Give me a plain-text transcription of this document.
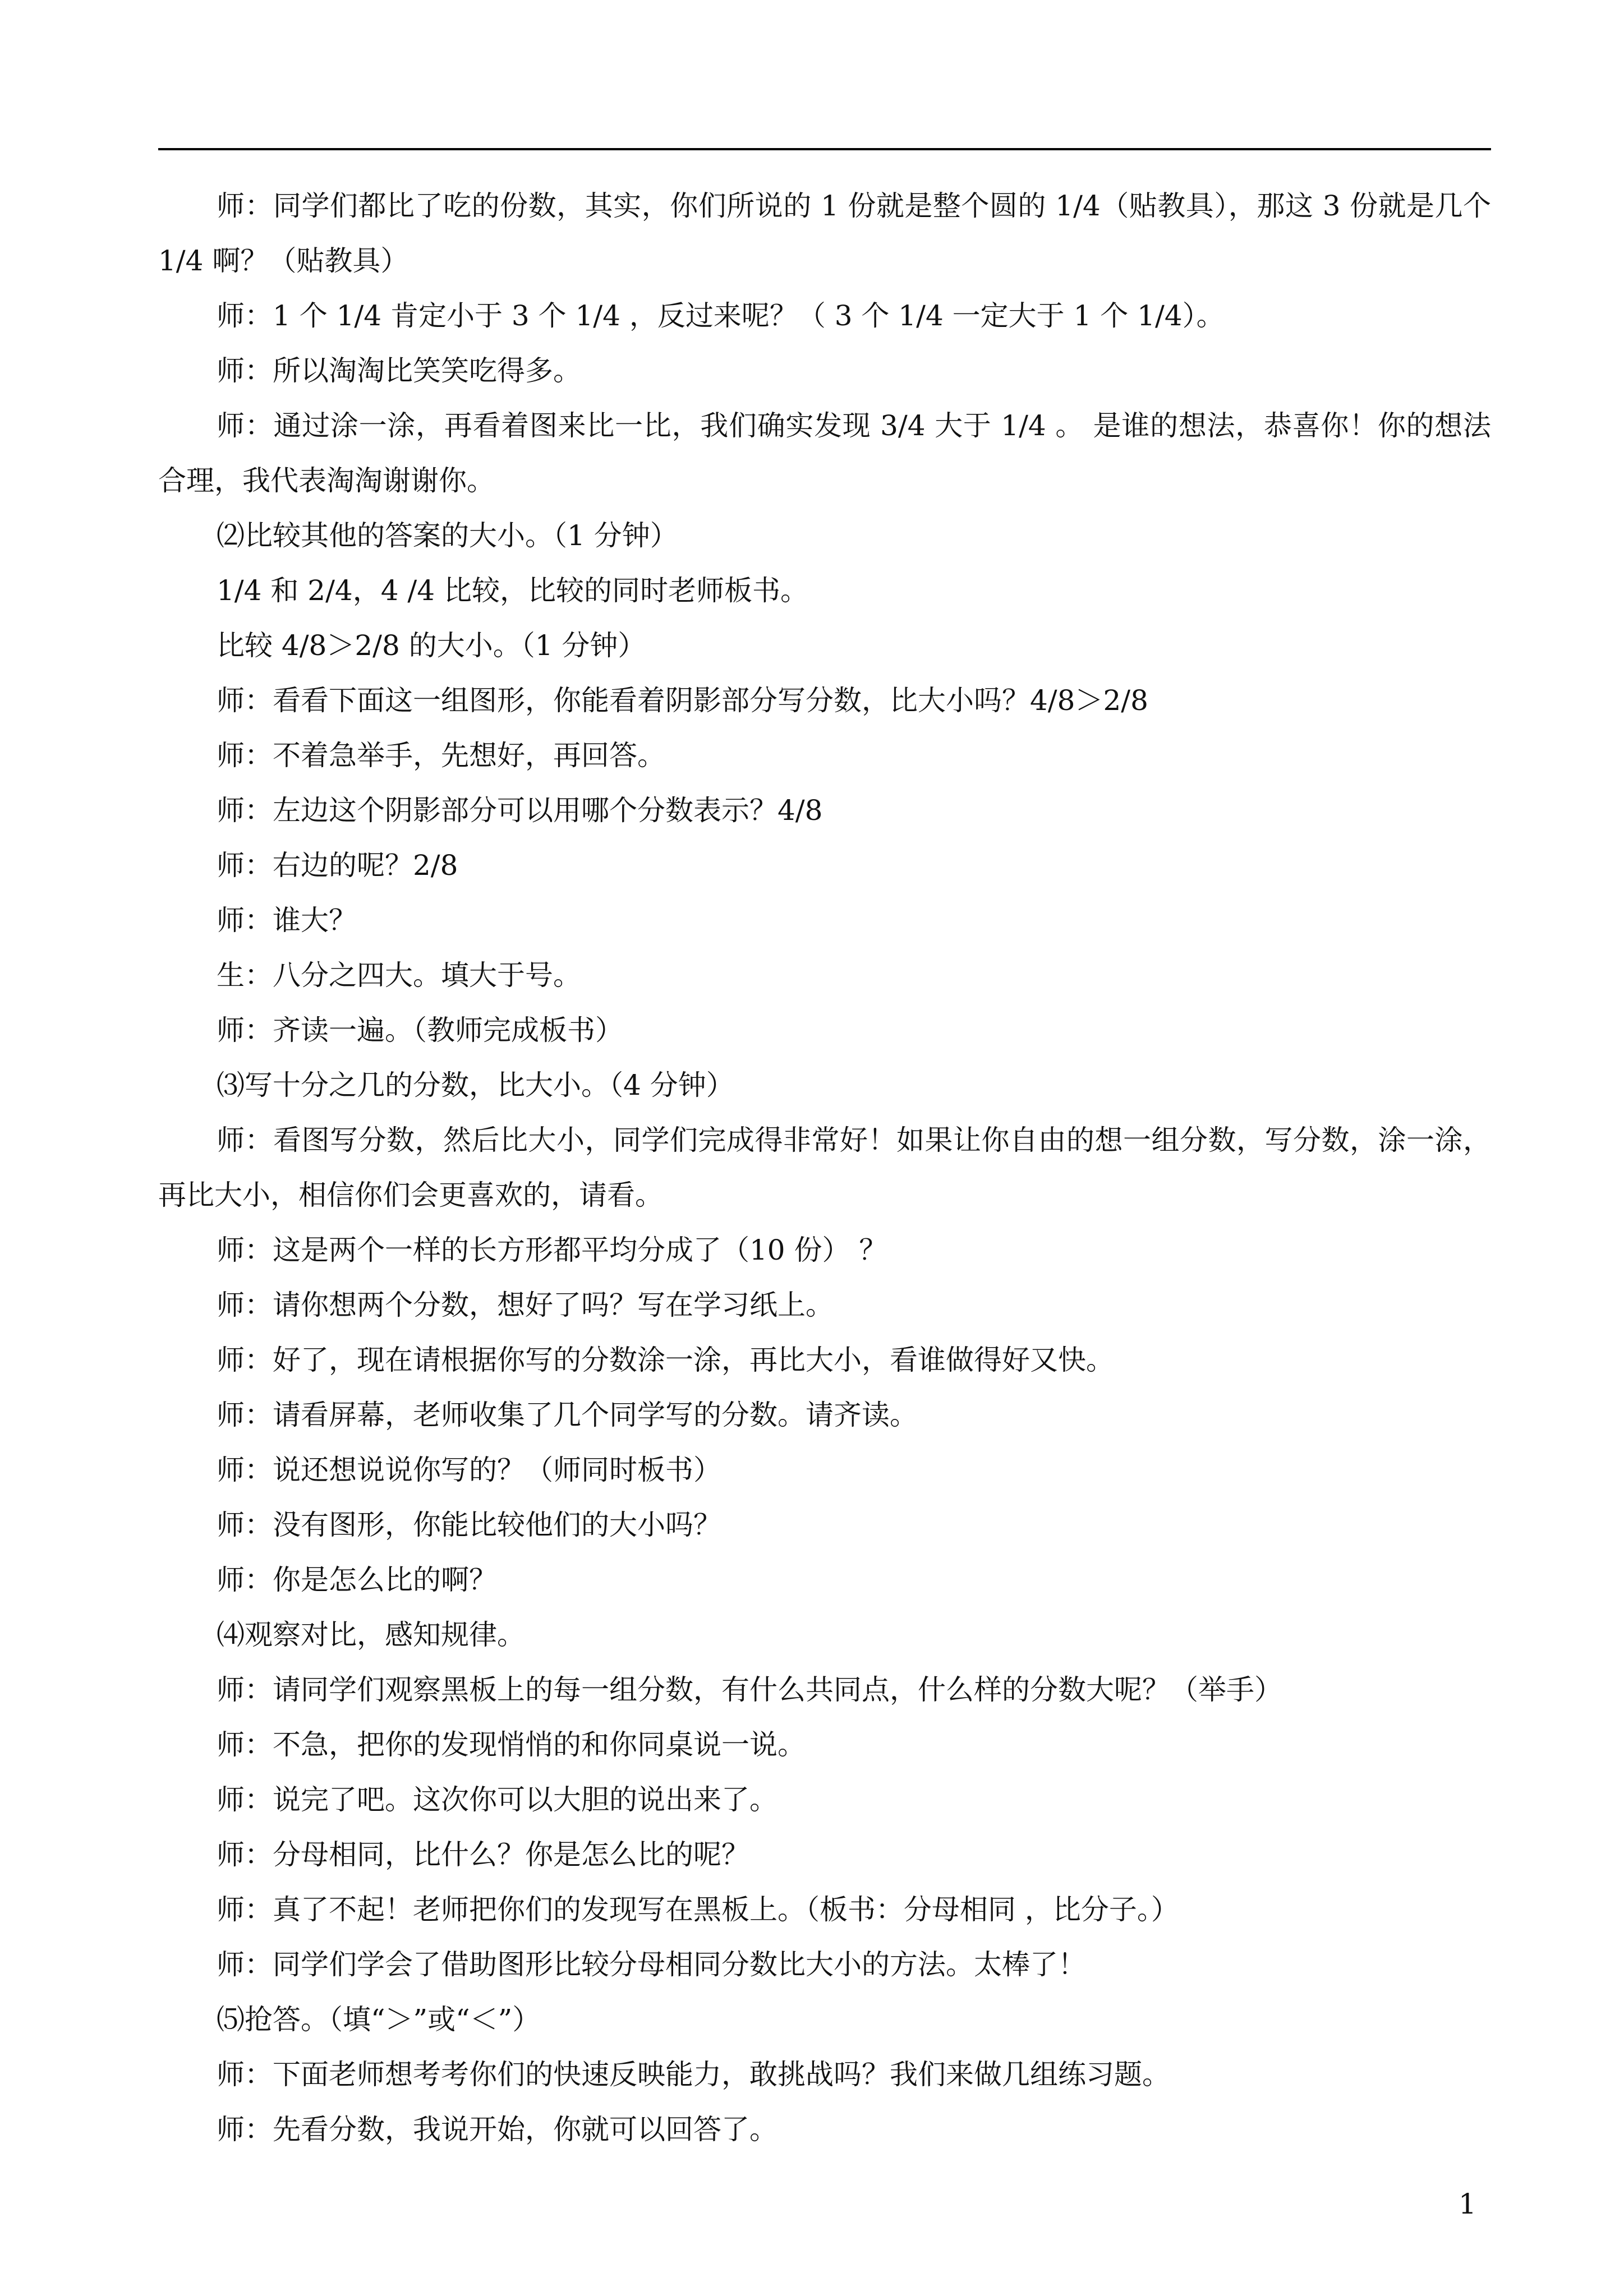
师：同学们都比了吃的份数，其实，你们所说的 1 份就是整个圆的 1/4（贴教具），那这 3 份就是几个 1/4 啊？（贴教具）

师：1 个 1/4 肯定小于 3 个 1/4 ，反过来呢？（ 3 个 1/4 一定大于 1 个 1/4）。

师：所以淘淘比笑笑吃得多。

师：通过涂一涂，再看着图来比一比，我们确实发现 3/4 大于 1/4 。 是谁的想法，恭喜你！你的想法合理，我代表淘淘谢谢你。

⑵比较其他的答案的大小。（1 分钟）

1/4 和 2/4，4 /4 比较，比较的同时老师板书。

比较 4/8＞2/8 的大小。（1 分钟）

师：看看下面这一组图形，你能看着阴影部分写分数，比大小吗？4/8＞2/8

师：不着急举手，先想好，再回答。

师：左边这个阴影部分可以用哪个分数表示？4/8

师：右边的呢？2/8

师：谁大？

生：八分之四大。填大于号。

师：齐读一遍。（教师完成板书）

⑶写十分之几的分数，比大小。（4 分钟）

师：看图写分数，然后比大小，同学们完成得非常好！如果让你自由的想一组分数，写分数，涂一涂，再比大小，相信你们会更喜欢的，请看。

师：这是两个一样的长方形都平均分成了（10 份） ？

师：请你想两个分数，想好了吗？写在学习纸上。

师：好了，现在请根据你写的分数涂一涂，再比大小，看谁做得好又快。

师：请看屏幕，老师收集了几个同学写的分数。请齐读。

师：说还想说说你写的？（师同时板书）

师：没有图形，你能比较他们的大小吗？

师：你是怎么比的啊？

⑷观察对比，感知规律。

师：请同学们观察黑板上的每一组分数，有什么共同点，什么样的分数大呢？（举手）

师：不急，把你的发现悄悄的和你同桌说一说。

师：说完了吧。这次你可以大胆的说出来了。

师：分母相同，比什么？你是怎么比的呢？

师：真了不起！老师把你们的发现写在黑板上。（板书：分母相同 ，比分子。）

师：同学们学会了借助图形比较分母相同分数比大小的方法。太棒了！

⑸抢答。（填“＞”或“＜”）

师：下面老师想考考你们的快速反映能力，敢挑战吗？我们来做几组练习题。

师：先看分数，我说开始，你就可以回答了。

1
